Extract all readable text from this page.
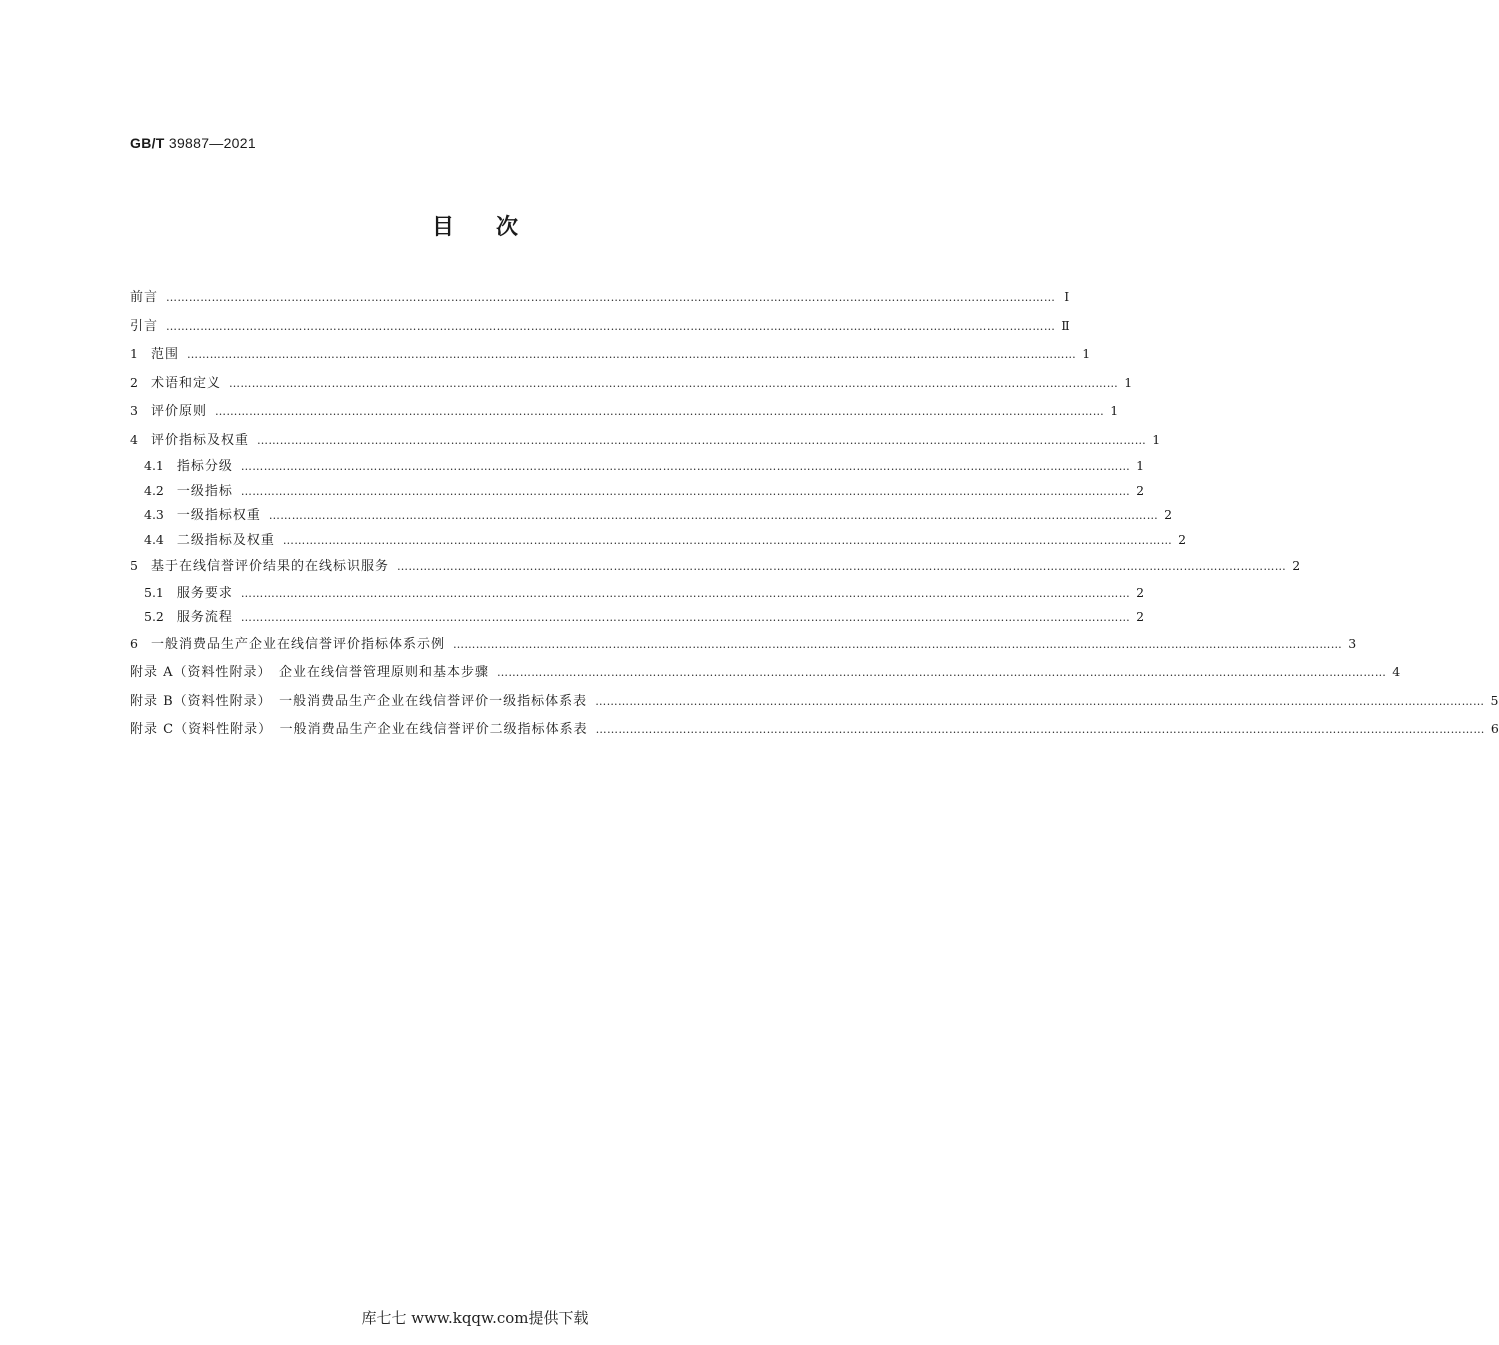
GB/T 39887—2021
目次
前言 ……………………………………………………………………………………………………………………………………………………………………………………………………………… Ⅰ
引言 ……………………………………………………………………………………………………………………………………………………………………………………………………………… Ⅱ
1 范围 ……………………………………………………………………………………………………………………………………………………………………………………………………………… 1
2 术语和定义 ……………………………………………………………………………………………………………………………………………………………………………………………………………… 1
3 评价原则 ……………………………………………………………………………………………………………………………………………………………………………………………………………… 1
4 评价指标及权重 ……………………………………………………………………………………………………………………………………………………………………………………………………………… 1
4.1 指标分级 ……………………………………………………………………………………………………………………………………………………………………………………………………………… 1
4.2 一级指标 ……………………………………………………………………………………………………………………………………………………………………………………………………………… 2
4.3 一级指标权重 ……………………………………………………………………………………………………………………………………………………………………………………………………………… 2
4.4 二级指标及权重 ……………………………………………………………………………………………………………………………………………………………………………………………………………… 2
5 基于在线信誉评价结果的在线标识服务 ……………………………………………………………………………………………………………………………………………………………………………………………………………… 2
5.1 服务要求 ……………………………………………………………………………………………………………………………………………………………………………………………………………… 2
5.2 服务流程 ……………………………………………………………………………………………………………………………………………………………………………………………………………… 2
6 一般消费品生产企业在线信誉评价指标体系示例 ……………………………………………………………………………………………………………………………………………………………………………………………………………… 3
附录 A（资料性附录）　企业在线信誉管理原则和基本步骤 ……………………………………………………………………………………………………………………………………………………………………………………………………………… 4
附录 B（资料性附录）　一般消费品生产企业在线信誉评价一级指标体系表 ……………………………………………………………………………………………………………………………………………………………………………………………………………… 5
附录 C（资料性附录）　一般消费品生产企业在线信誉评价二级指标体系表 ……………………………………………………………………………………………………………………………………………………………………………………………………………… 6
库七七 www.kqqw.com提供下载
